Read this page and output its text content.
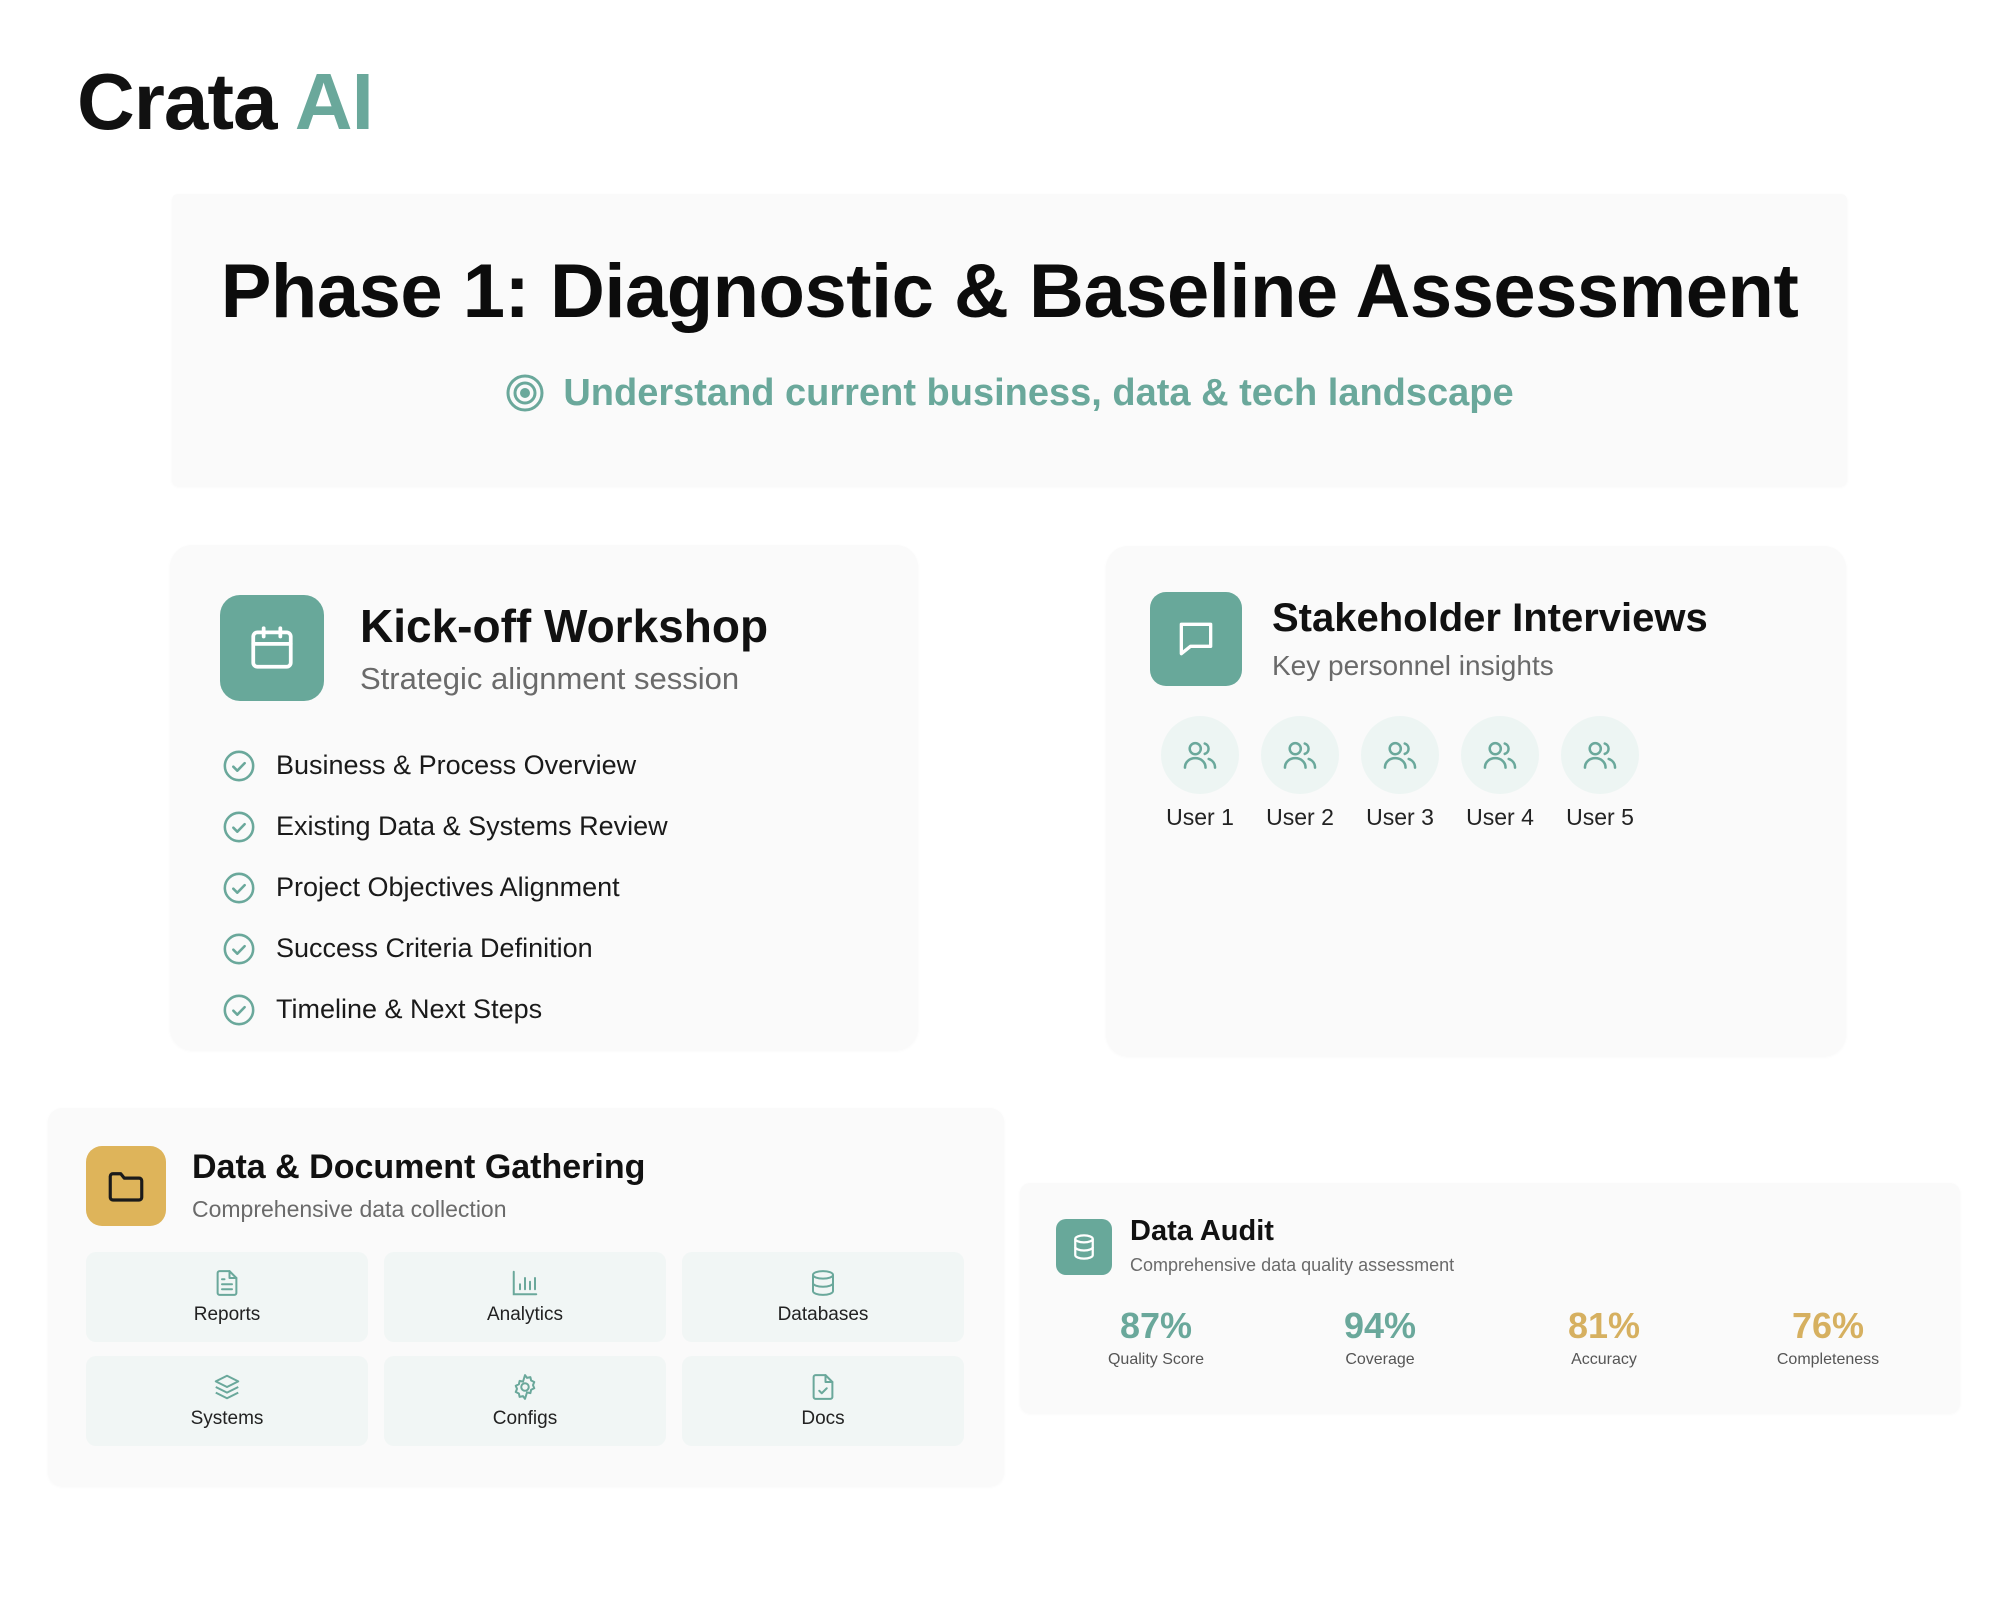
Crata AI
Phase 1: Diagnostic & Baseline Assessment
Understand current business, data & tech landscape
Kick-off Workshop
Strategic alignment session
Business & Process Overview
Existing Data & Systems Review
Project Objectives Alignment
Success Criteria Definition
Timeline & Next Steps
Stakeholder Interviews
Key personnel insights
User 1 User 2 User 3 User 4 User 5
Data & Document Gathering
Comprehensive data collection
Reports	Analytics	Databases
Systems	Configs	Docs
Data Audit
Comprehensive data quality assessment
87%
Quality Score
94%
Coverage
81%
Accuracy
76%
Completeness
